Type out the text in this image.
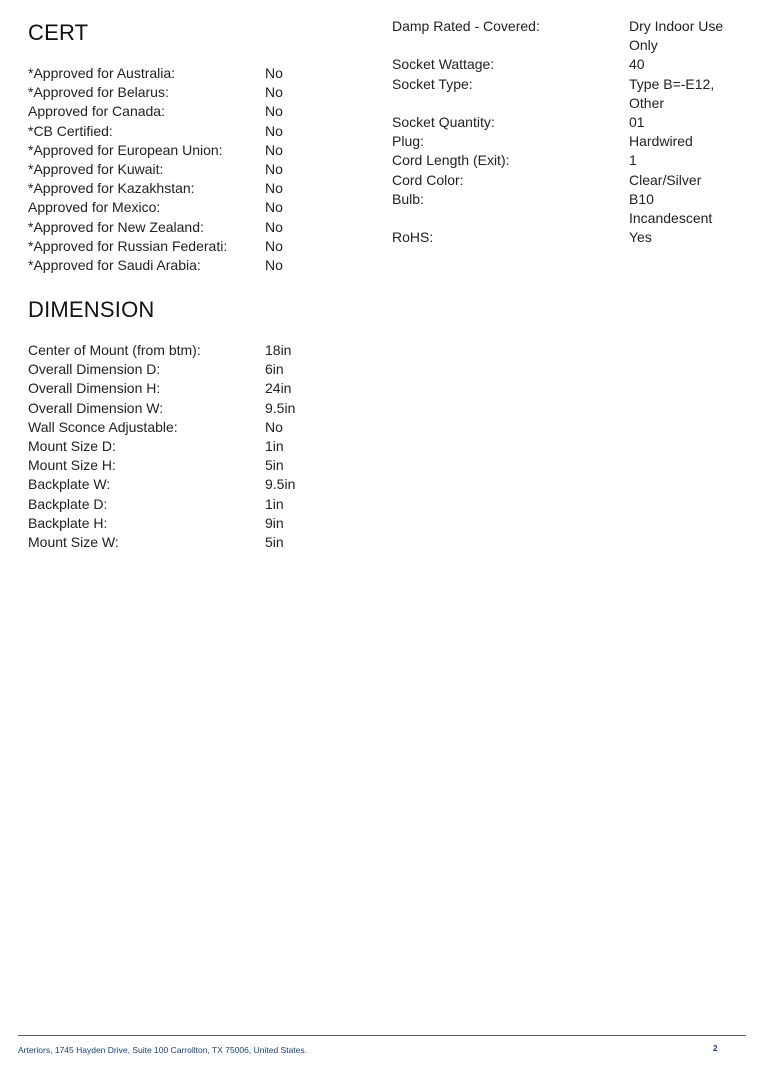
CERT
*Approved for Australia:	No
*Approved for Belarus:	No
Approved for Canada:	No
*CB Certified:	No
*Approved for European Union:	No
*Approved for Kuwait:	No
*Approved for Kazakhstan:	No
Approved for Mexico:	No
*Approved for New Zealand:	No
*Approved for Russian Federati:	No
*Approved for Saudi Arabia:	No
DIMENSION
Center of Mount (from btm):	18in
Overall Dimension D:	6in
Overall Dimension H:	24in
Overall Dimension W:	9.5in
Wall Sconce Adjustable:	No
Mount Size D:	1in
Mount Size H:	5in
Backplate W:	9.5in
Backplate D:	1in
Backplate H:	9in
Mount Size W:	5in
Damp Rated - Covered:	Dry Indoor Use Only
Socket Wattage:	40
Socket Type:	Type B=-E12, Other
Socket Quantity:	01
Plug:	Hardwired
Cord Length (Exit):	1
Cord Color:	Clear/Silver
Bulb:	B10 Incandescent
RoHS:	Yes
Arteriors, 1745 Hayden Drive, Suite 100 Carrollton, TX 75006, United States.	2
